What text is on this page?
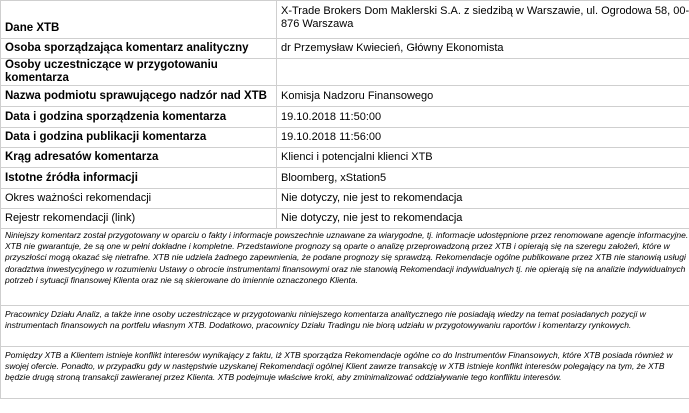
Dane XTB	X-Trade Brokers Dom Maklerski S.A. z siedzibą w Warszawie, ul. Ogrodowa 58, 00-876 Warszawa
Osoba sporządzająca komentarz analityczny	dr Przemysław Kwiecień, Główny Ekonomista
Osoby uczestniczące w przygotowaniu komentarza	
Nazwa podmiotu sprawującego nadzór nad XTB	Komisja Nadzoru Finansowego
Data i godzina sporządzenia komentarza	19.10.2018 11:50:00
Data i godzina publikacji komentarza	19.10.2018 11:56:00
Krąg adresatów komentarza	Klienci i potencjalni klienci XTB
Istotne źródła informacji	Bloomberg, xStation5
Okres ważności rekomendacji	Nie dotyczy, nie jest to rekomendacja
Rejestr rekomendacji (link)	Nie dotyczy, nie jest to rekomendacja
Niniejszy komentarz został przygotowany w oparciu o fakty i informacje powszechnie uznawane za wiarygodne, tj. informacje udostępnione przez renomowane agencje informacyjne. XTB nie gwarantuje, że są one w pełni dokładne i kompletne. Przedstawione prognozy są oparte o analizę przeprowadzoną przez XTB i opierają się na szeregu założeń, które w przyszłości mogą okazać się nietrafne. XTB nie udziela żadnego zapewnienia, że podane prognozy się sprawdzą. Rekomendacje ogólne publikowane przez XTB nie stanowią usługi doradztwa inwestycyjnego w rozumieniu Ustawy o obrocie instrumentami finansowymi oraz nie stanowią Rekomendacji indywidualnych tj. nie opierają się na analizie indywidualnych potrzeb i sytuacji finansowej Klienta oraz nie są skierowane do imiennie oznaczonego Klienta.	
Pracownicy Działu Analiz, a także inne osoby uczestniczące w przygotowaniu niniejszego komentarza analitycznego nie posiadają wiedzy na temat posiadanych pozycji w instrumentach finansowych na portfelu własnym XTB. Dodatkowo, pracownicy Działu Tradingu nie biorą udziału w przygotowywaniu raportów i komentarzy rynkowych.	
Pomiędzy XTB a Klientem istnieje konflikt interesów wynikający z faktu, iż XTB sporządza Rekomendacje ogólne co do Instrumentów Finansowych, które XTB posiada również w swojej ofercie. Ponadto, w przypadku gdy w następstwie uzyskanej Rekomendacji ogólnej Klient zawrze transakcję w XTB istnieje konflikt interesów polegający na tym, że XTB będzie drugą stroną transakcji zawieranej przez Klienta. XTB podejmuje właściwe kroki, aby zminimalizować oddziaływanie tego konfliktu interesów.	
